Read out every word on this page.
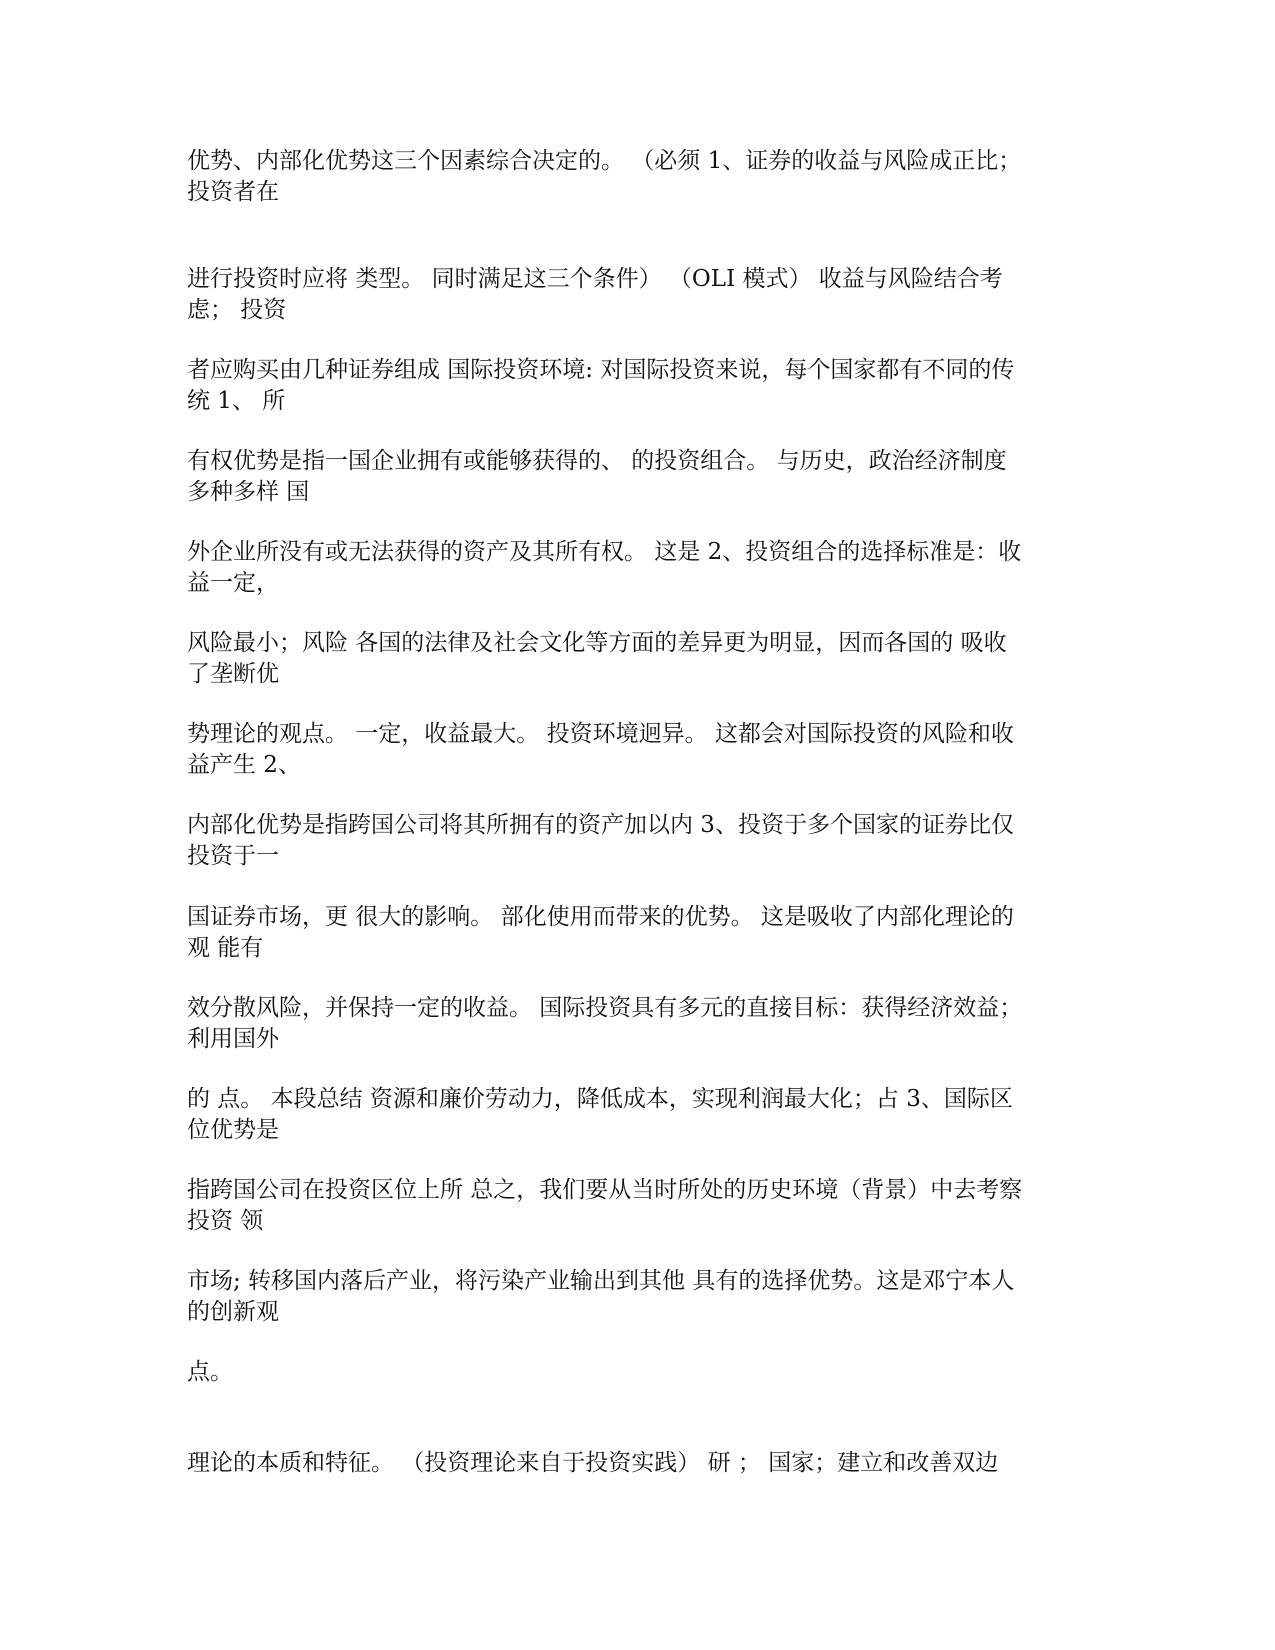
优势、内部化优势这三个因素综合决定的。 （必须 1、证券的收益与风险成正比；
投资者在
进行投资时应将 类型。 同时满足这三个条件） （OLI 模式） 收益与风险结合考
虑； 投资
者应购买由几种证券组成 国际投资环境: 对国际投资来说，每个国家都有不同的传
统 1、 所
有权优势是指一国企业拥有或能够获得的、 的投资组合。 与历史，政治经济制度
多种多样 国
外企业所没有或无法获得的资产及其所有权。 这是 2、投资组合的选择标准是：收
益一定，
风险最小；风险 各国的法律及社会文化等方面的差异更为明显，因而各国的 吸收
了垄断优
势理论的观点。 一定，收益最大。 投资环境迥异。 这都会对国际投资的风险和收
益产生 2、
内部化优势是指跨国公司将其所拥有的资产加以内 3、投资于多个国家的证券比仅
投资于一
国证券市场，更 很大的影响。 部化使用而带来的优势。 这是吸收了内部化理论的
观 能有
效分散风险，并保持一定的收益。 国际投资具有多元的直接目标：获得经济效益；
利用国外
的 点。 本段总结 资源和廉价劳动力，降低成本，实现利润最大化；占 3、国际区
位优势是
指跨国公司在投资区位上所 总之，我们要从当时所处的历史环境（背景）中去考察
投资 领
市场; 转移国内落后产业，将污染产业输出到其他 具有的选择优势。这是邓宁本人
的创新观
点。
理论的本质和特征。 （投资理论来自于投资实践） 研 ； 国家；建立和改善双边
